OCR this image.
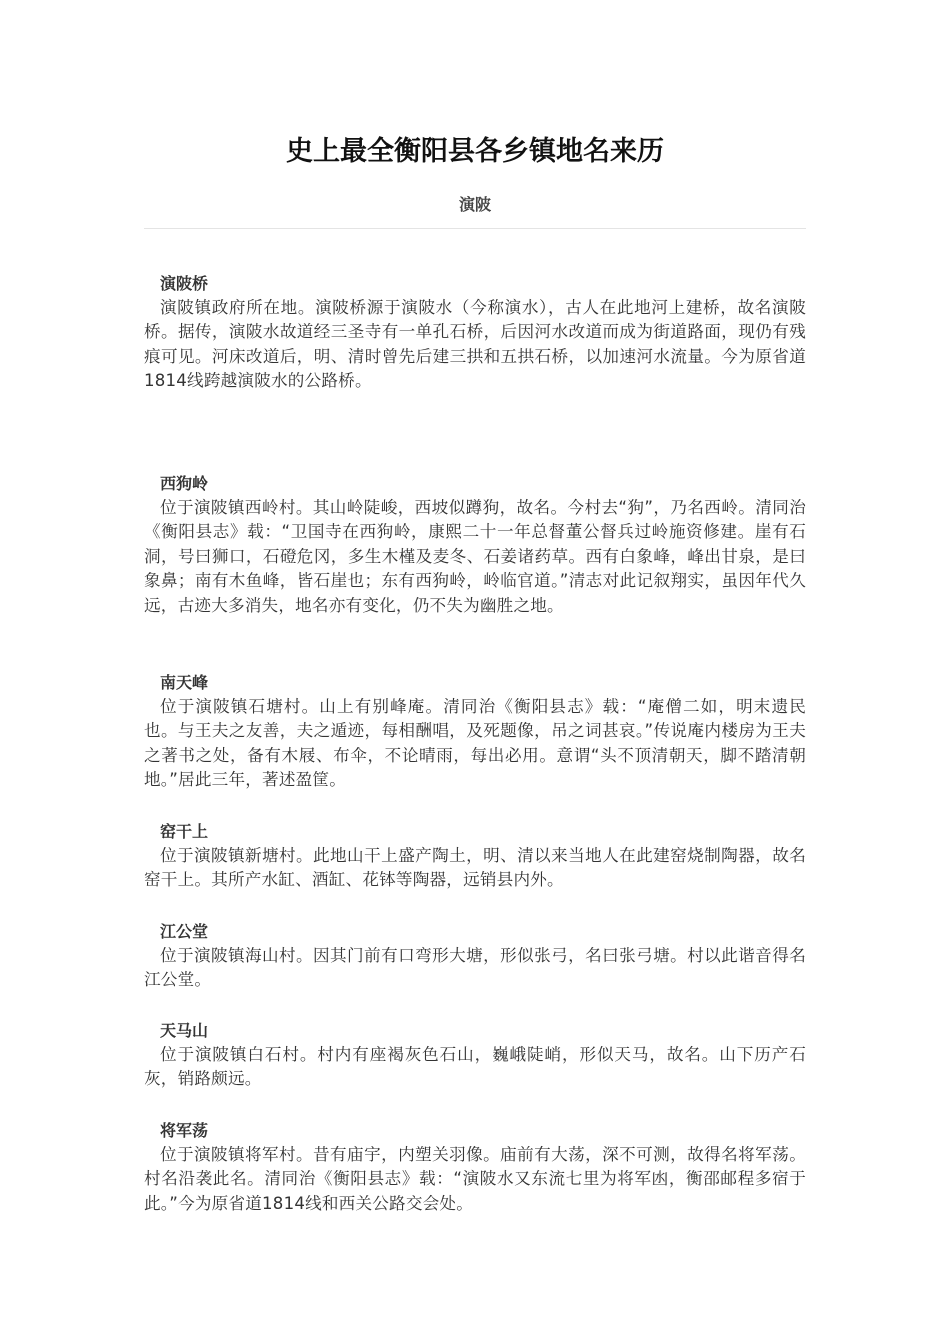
史上最全衡阳县各乡镇地名来历
演陂
演陂桥

演陂镇政府所在地。演陂桥源于演陂水（今称演水），古人在此地河上建桥，故名演陂桥。据传，演陂水故道经三圣寺有一单孔石桥，后因河水改道而成为街道路面，现仍有残痕可见。河床改道后，明、清时曾先后建三拱和五拱石桥，以加速河水流量。今为原省道1814线跨越演陂水的公路桥。

西狗岭

位于演陂镇西岭村。其山岭陡峻，西坡似蹲狗，故名。今村去“狗”，乃名西岭。清同治《衡阳县志》载：“卫国寺在西狗岭，康熙二十一年总督董公督兵过岭施资修建。崖有石洞，号曰狮口，石磴危冈，多生木槿及麦冬、石姜诸药草。西有白象峰，峰出甘泉，是曰象鼻；南有木鱼峰，皆石崖也；东有西狗岭，岭临官道。”清志对此记叙翔实，虽因年代久远，古迹大多消失，地名亦有变化，仍不失为幽胜之地。

南天峰

位于演陂镇石塘村。山上有别峰庵。清同治《衡阳县志》载：“庵僧二如，明末遗民也。与王夫之友善，夫之遁迹，每相酬唱，及死题像，吊之词甚哀。”传说庵内楼房为王夫之著书之处，备有木屐、布伞，不论晴雨，每出必用。意谓“头不顶清朝天，脚不踏清朝地。”居此三年，著述盈筐。

窑干上

位于演陂镇新塘村。此地山干上盛产陶土，明、清以来当地人在此建窑烧制陶器，故名窑干上。其所产水缸、酒缸、花钵等陶器，远销县内外。

江公堂

位于演陂镇海山村。因其门前有口弯形大塘，形似张弓，名曰张弓塘。村以此谐音得名江公堂。

天马山

位于演陂镇白石村。村内有座褐灰色石山，巍峨陡峭，形似天马，故名。山下历产石灰，销路颇远。

将军荡

位于演陂镇将军村。昔有庙宇，内塑关羽像。庙前有大荡，深不可测，故得名将军荡。村名沿袭此名。清同治《衡阳县志》载：“演陂水又东流七里为将军凼，衡邵邮程多宿于此。”今为原省道1814线和西关公路交会处。
